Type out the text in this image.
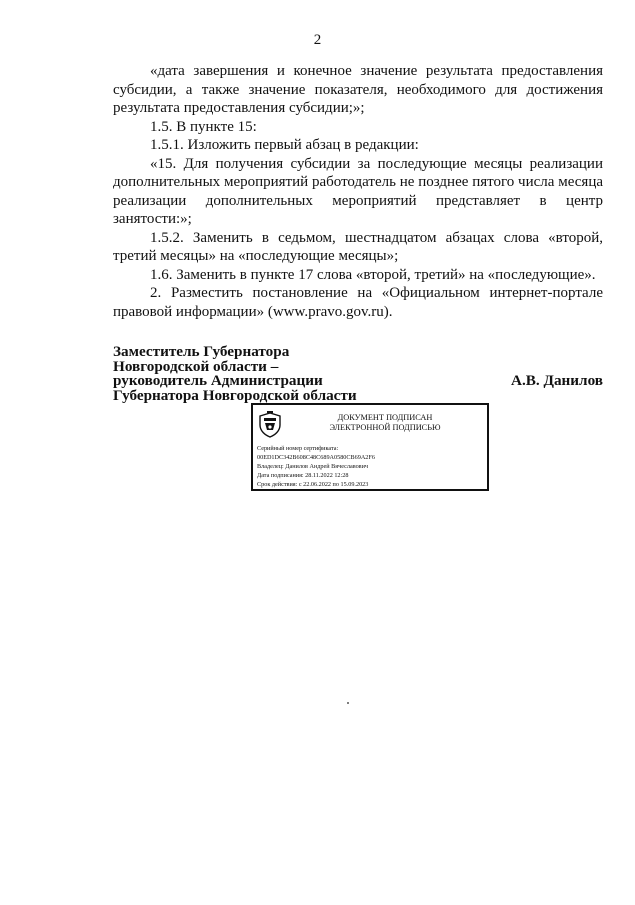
2

«дата завершения и конечное значение результата предоставления субсидии, а также значение показателя, необходимого для достижения результата предоставления субсидии;»;

1.5. В пункте 15:

1.5.1. Изложить первый абзац в редакции:

«15. Для получения субсидии за последующие месяцы реализации дополнительных мероприятий работодатель не позднее пятого числа месяца реализации дополнительных мероприятий представляет в центр занятости:»;

1.5.2. Заменить в седьмом, шестнадцатом абзацах слова «второй, третий месяцы» на «последующие месяцы»;

1.6. Заменить в пункте 17 слова «второй, третий» на «последующие».

2. Разместить постановление на «Официальном интернет-портале правовой информации» (www.pravo.gov.ru).

Заместитель Губернатора
Новгородской области –
руководитель Администрации
Губернатора Новгородской области
А.В. Данилов
ДОКУМЕНТ ПОДПИСАН
ЭЛЕКТРОННОЙ ПОДПИСЬЮ
Серийный номер сертификата:
00ED1DC342B608C48C689A0580CB69A2F6
Владелец: Данилов Андрей Вячеславович
Дата подписания: 28.11.2022 12:28
Срок действия: с 22.06.2022 по 15.09.2023
